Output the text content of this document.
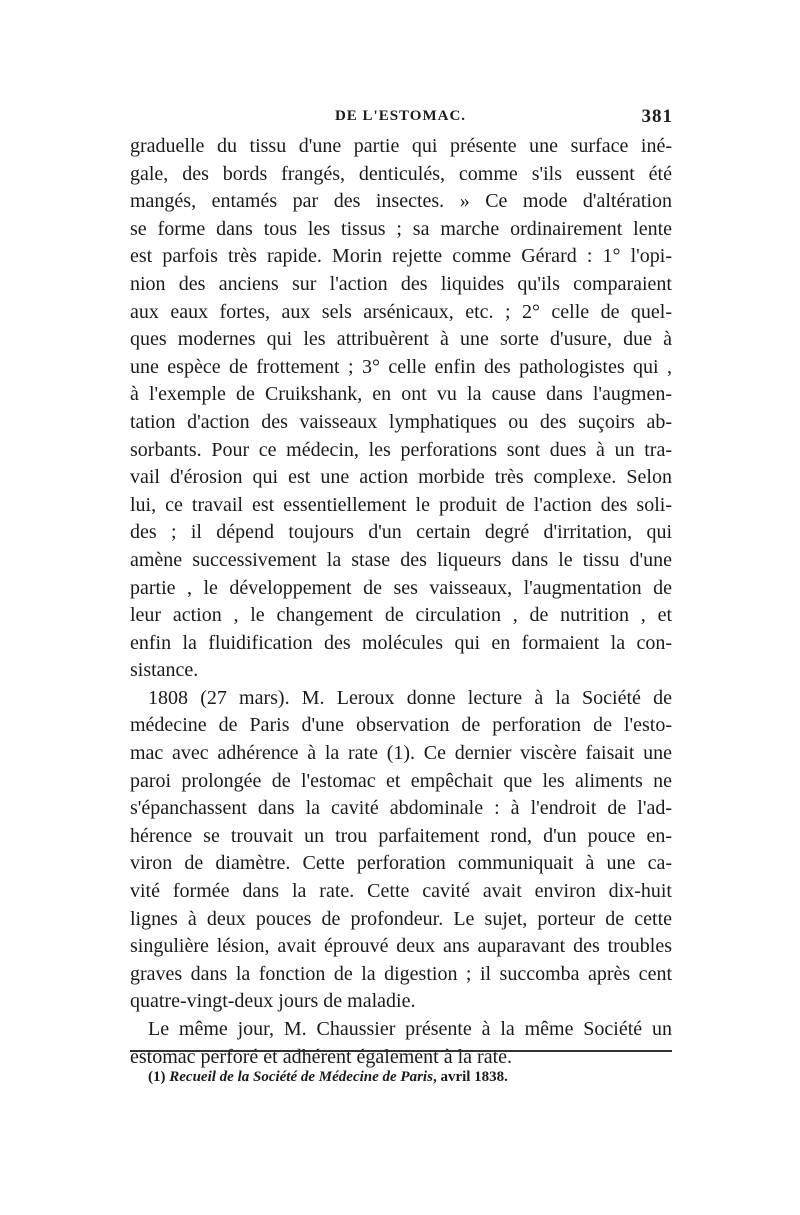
DE L'ESTOMAC.	381
graduelle du tissu d'une partie qui présente une surface iné-
gale, des bords frangés, denticulés, comme s'ils eussent été
mangés, entamés par des insectes. » Ce mode d'altération
se forme dans tous les tissus ; sa marche ordinairement lente
est parfois très rapide. Morin rejette comme Gérard : 1° l'opi-
nion des anciens sur l'action des liquides qu'ils comparaient
aux eaux fortes, aux sels arsénicaux, etc. ; 2° celle de quel-
ques modernes qui les attribuèrent à une sorte d'usure, due à
une espèce de frottement ; 3° celle enfin des pathologistes qui ,
à l'exemple de Cruikshank, en ont vu la cause dans l'augmen-
tation d'action des vaisseaux lymphatiques ou des suçoirs ab-
sorbants. Pour ce médecin, les perforations sont dues à un tra-
vail d'érosion qui est une action morbide très complexe. Selon
lui, ce travail est essentiellement le produit de l'action des soli-
des ; il dépend toujours d'un certain degré d'irritation, qui
amène successivement la stase des liqueurs dans le tissu d'une
partie , le développement de ses vaisseaux, l'augmentation de
leur action , le changement de circulation , de nutrition , et
enfin la fluidification des molécules qui en formaient la con-
sistance.
1808 (27 mars). M. Leroux donne lecture à la Société de
médecine de Paris d'une observation de perforation de l'esto-
mac avec adhérence à la rate (1). Ce dernier viscère faisait une
paroi prolongée de l'estomac et empêchait que les aliments ne
s'épanchassent dans la cavité abdominale : à l'endroit de l'ad-
hérence se trouvait un trou parfaitement rond, d'un pouce en-
viron de diamètre. Cette perforation communiquait à une ca-
vité formée dans la rate. Cette cavité avait environ dix-huit
lignes à deux pouces de profondeur. Le sujet, porteur de cette
singulière lésion, avait éprouvé deux ans auparavant des troubles
graves dans la fonction de la digestion ; il succomba après cent
quatre-vingt-deux jours de maladie.
Le même jour, M. Chaussier présente à la même Société un
estomac perforé et adhérent également à la rate.
(1) Recueil de la Société de Médecine de Paris, avril 1838.
